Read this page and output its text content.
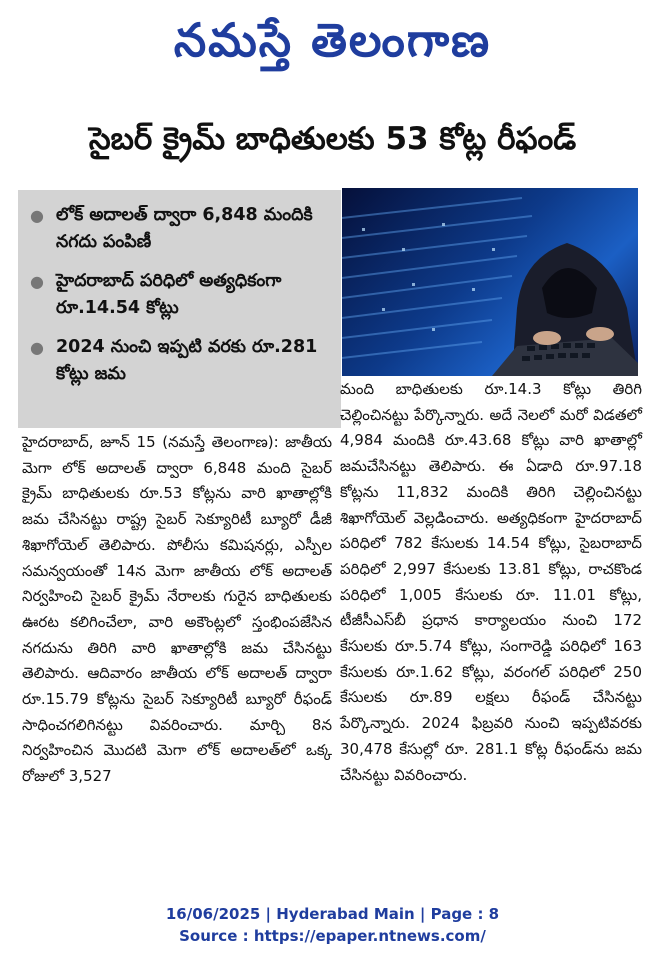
నమస్తే తెలంగాణ
సైబర్ క్రైమ్ బాధితులకు 53 కోట్ల రీఫండ్
● లోక్ అదాలత్ ద్వారా 6,848 మందికి నగదు పంపిణీ
● హైదరాబాద్ పరిధిలో అత్యధికంగా రూ.14.54 కోట్లు
● 2024 నుంచి ఇప్పటి వరకు రూ.281 కోట్లు జమ
హైదరాబాద్, జూన్ 15 (నమస్తే తెలంగాణ): జాతీయ మెగా లోక్ అదాలత్ ద్వారా 6,848 మంది సైబర్ క్రైమ్ బాధితులకు రూ.53 కోట్లను వారి ఖాతాల్లోకి జమ చేసినట్టు రాష్ట్ర సైబర్ సెక్యూరిటీ బ్యూరో డీజీ శిఖాగోయెల్ తెలిపారు. పోలీసు కమిషనర్లు, ఎస్పీల సమన్వయంతో 14న మెగా జాతీయ లోక్ అదాలత్ నిర్వహించి సైబర్ క్రైమ్ నేరాలకు గురైన బాధితులకు ఊరట కలిగించేలా, వారి అకౌంట్లలో స్తంభింపజేసిన నగదును తిరిగి వారి ఖాతాల్లోకి జమ చేసినట్టు తెలిపారు. ఆదివారం జాతీయ లోక్ అదాలత్ ద్వారా రూ.15.79 కోట్లను సైబర్ సెక్యూరిటీ బ్యూరో రీఫండ్ సాధించగలిగినట్టు వివరించారు. మార్చి 8న నిర్వహించిన మొదటి మెగా లోక్ అదాలత్‌లో ఒక్క రోజులో 3,527
మంది బాధితులకు రూ.14.3 కోట్లు తిరిగి చెల్లించినట్టు పేర్కొన్నారు. అదే నెలలో మరో విడతలో 4,984 మందికి రూ.43.68 కోట్లు వారి ఖాతాల్లో జమచేసినట్టు తెలిపారు. ఈ ఏడాది రూ.97.18 కోట్లను 11,832 మందికి తిరిగి చెల్లించినట్టు శిఖాగోయెల్ వెల్లడించారు. అత్యధికంగా హైదరాబాద్ పరిధిలో 782 కేసులకు 14.54 కోట్లు, సైబరాబాద్ పరిధిలో 2,997 కేసులకు 13.81 కోట్లు, రాచకొండ పరిధిలో 1,005 కేసులకు రూ. 11.01 కోట్లు, టీజీసీఎస్‌బీ ప్రధాన కార్యాలయం నుంచి 172 కేసులకు రూ.5.74 కోట్లు, సంగారెడ్డి పరిధిలో 163 కేసులకు రూ.1.62 కోట్లు, వరంగల్ పరిధిలో 250 కేసులకు రూ.89 లక్షలు రీఫండ్ చేసినట్టు పేర్కొన్నారు. 2024 ఫిబ్రవరి నుంచి ఇప్పటివరకు 30,478 కేసుల్లో రూ. 281.1 కోట్ల రీఫండ్‌ను జమ చేసినట్టు వివరించారు.
16/06/2025 | Hyderabad Main | Page : 8
Source : https://epaper.ntnews.com/
